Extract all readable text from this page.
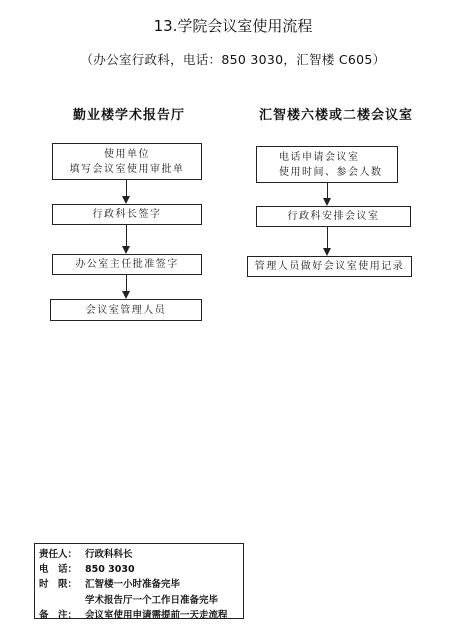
13.学院会议室使用流程
（办公室行政科，电话：850 3030，汇智楼 C605）
勤业楼学术报告厅
使用单位
填写会议室使用审批单
行政科长签字
办公室主任批准签字
会议室管理人员
汇智楼六楼或二楼会议室
电话申请会议室
使用时间、参会人数
行政科安排会议室
管理人员做好会议室使用记录
责任人： 行政科科长
电　话： 850 3030
时　限： 汇智楼一小时准备完毕
学术报告厅一个工作日准备完毕
备　注： 会议室使用申请需提前一天走流程
